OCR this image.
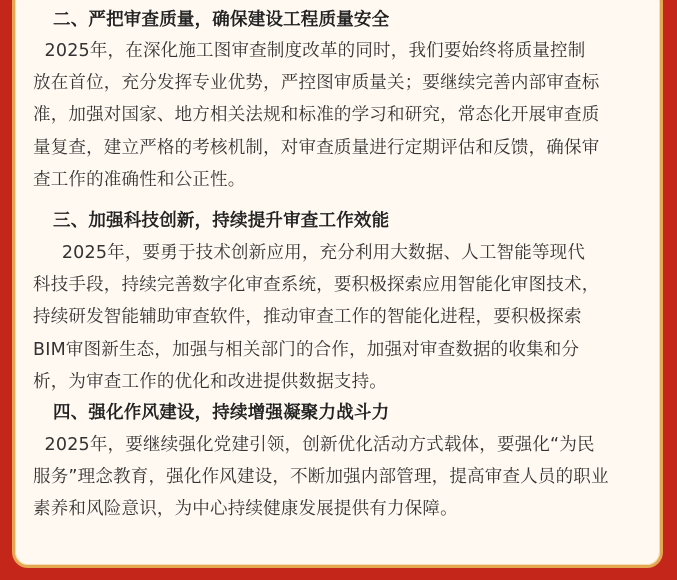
二、严把审查质量，确保建设工程质量安全
2025年，在深化施工图审查制度改革的同时，我们要始终将质量控制
放在首位，充分发挥专业优势，严控图审质量关；要继续完善内部审查标
准，加强对国家、地方相关法规和标准的学习和研究，常态化开展审查质
量复查，建立严格的考核机制，对审查质量进行定期评估和反馈，确保审
查工作的准确性和公正性。
三、加强科技创新，持续提升审查工作效能
2025年，要勇于技术创新应用，充分利用大数据、人工智能等现代
科技手段，持续完善数字化审查系统，要积极探索应用智能化审图技术，
持续研发智能辅助审查软件，推动审查工作的智能化进程，要积极探索
BIM审图新生态，加强与相关部门的合作，加强对审查数据的收集和分
析，为审查工作的优化和改进提供数据支持。
四、强化作风建设，持续增强凝聚力战斗力
2025年，要继续强化党建引领，创新优化活动方式载体，要强化“为民
服务”理念教育，强化作风建设，不断加强内部管理，提高审查人员的职业
素养和风险意识，为中心持续健康发展提供有力保障。
